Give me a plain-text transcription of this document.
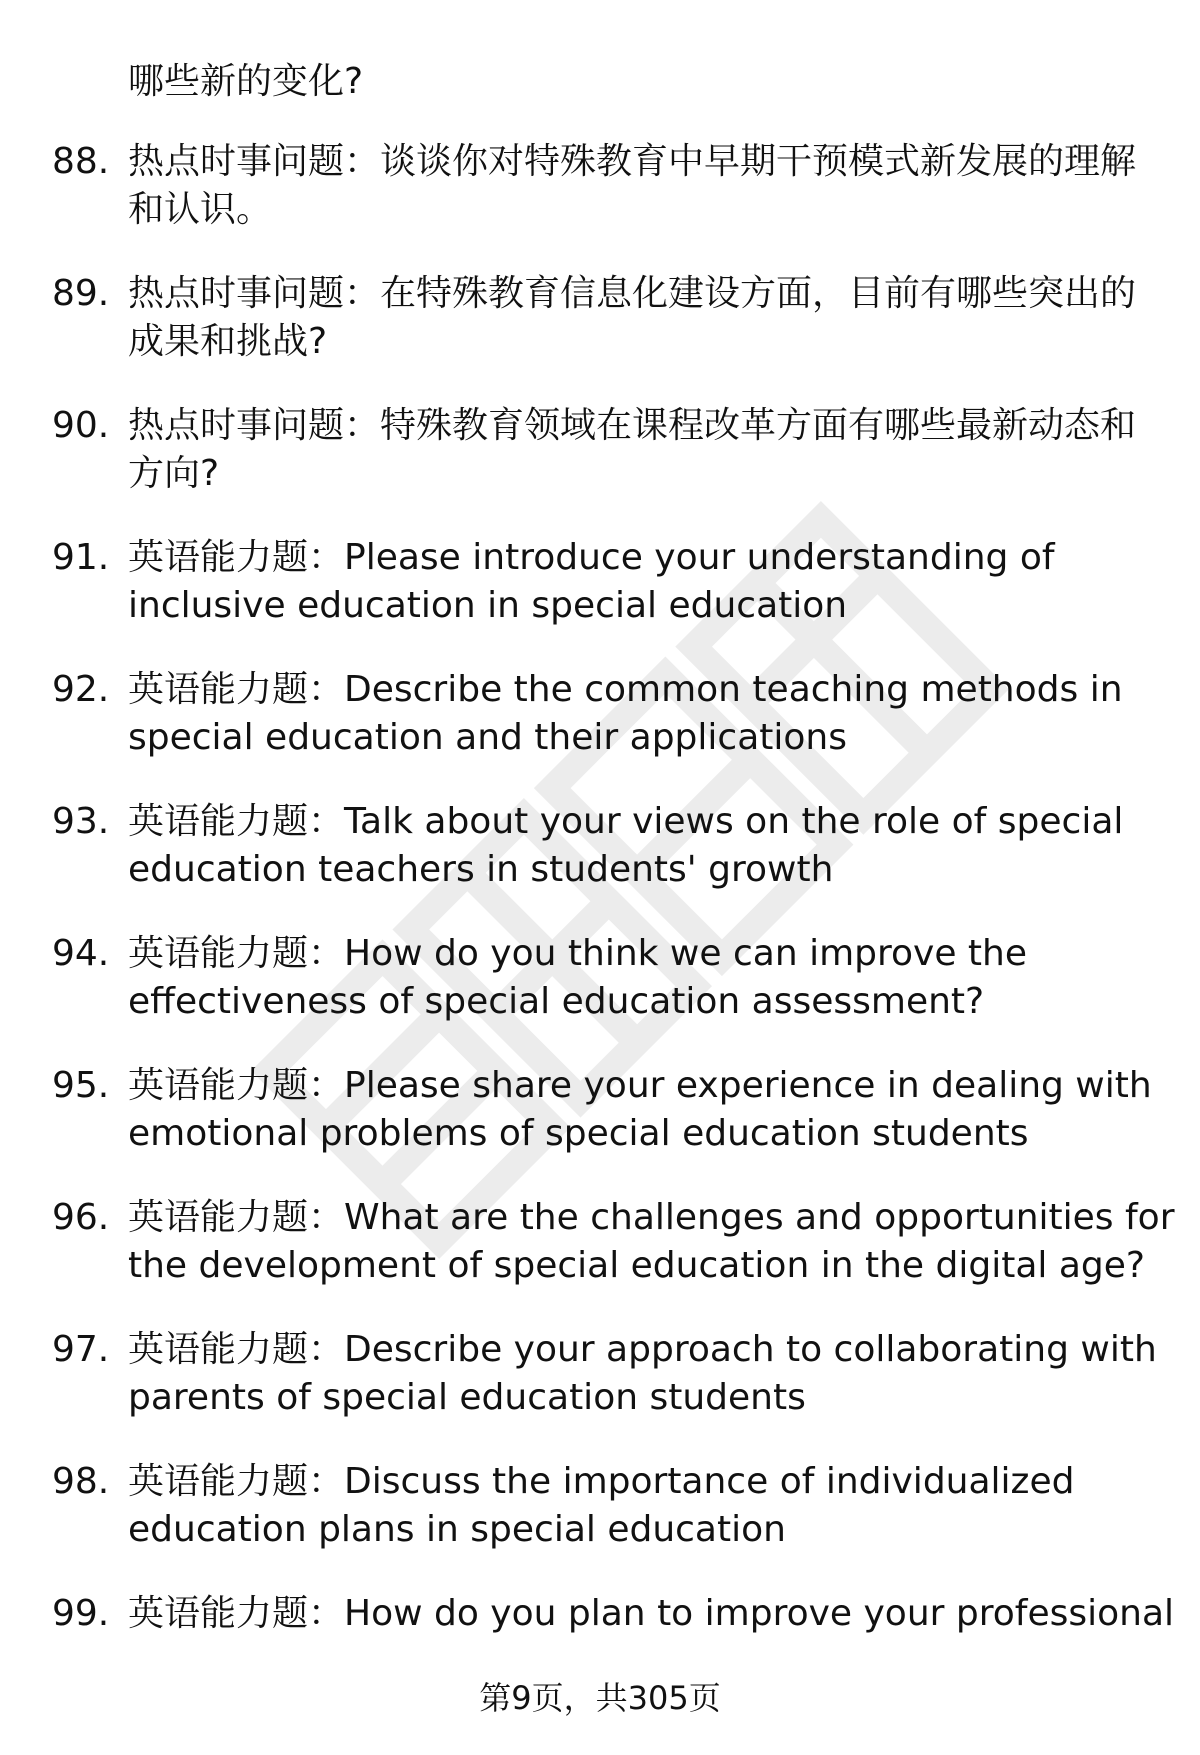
哪些新的变化?
88. 热点时事问题：谈谈你对特殊教育中早期干预模式新发展的理解
和认识。
89. 热点时事问题：在特殊教育信息化建设方面，目前有哪些突出的
成果和挑战?
90. 热点时事问题：特殊教育领域在课程改革方面有哪些最新动态和
方向?
91. 英语能力题：Please introduce your understanding of
inclusive education in special education
92. 英语能力题：Describe the common teaching methods in
special education and their applications
93. 英语能力题：Talk about your views on the role of special
education teachers in students' growth
94. 英语能力题：How do you think we can improve the
effectiveness of special education assessment?
95. 英语能力题：Please share your experience in dealing with
emotional problems of special education students
96. 英语能力题：What are the challenges and opportunities for
the development of special education in the digital age?
97. 英语能力题：Describe your approach to collaborating with
parents of special education students
98. 英语能力题：Discuss the importance of individualized
education plans in special education
99. 英语能力题：How do you plan to improve your professional
第9页，共305页
